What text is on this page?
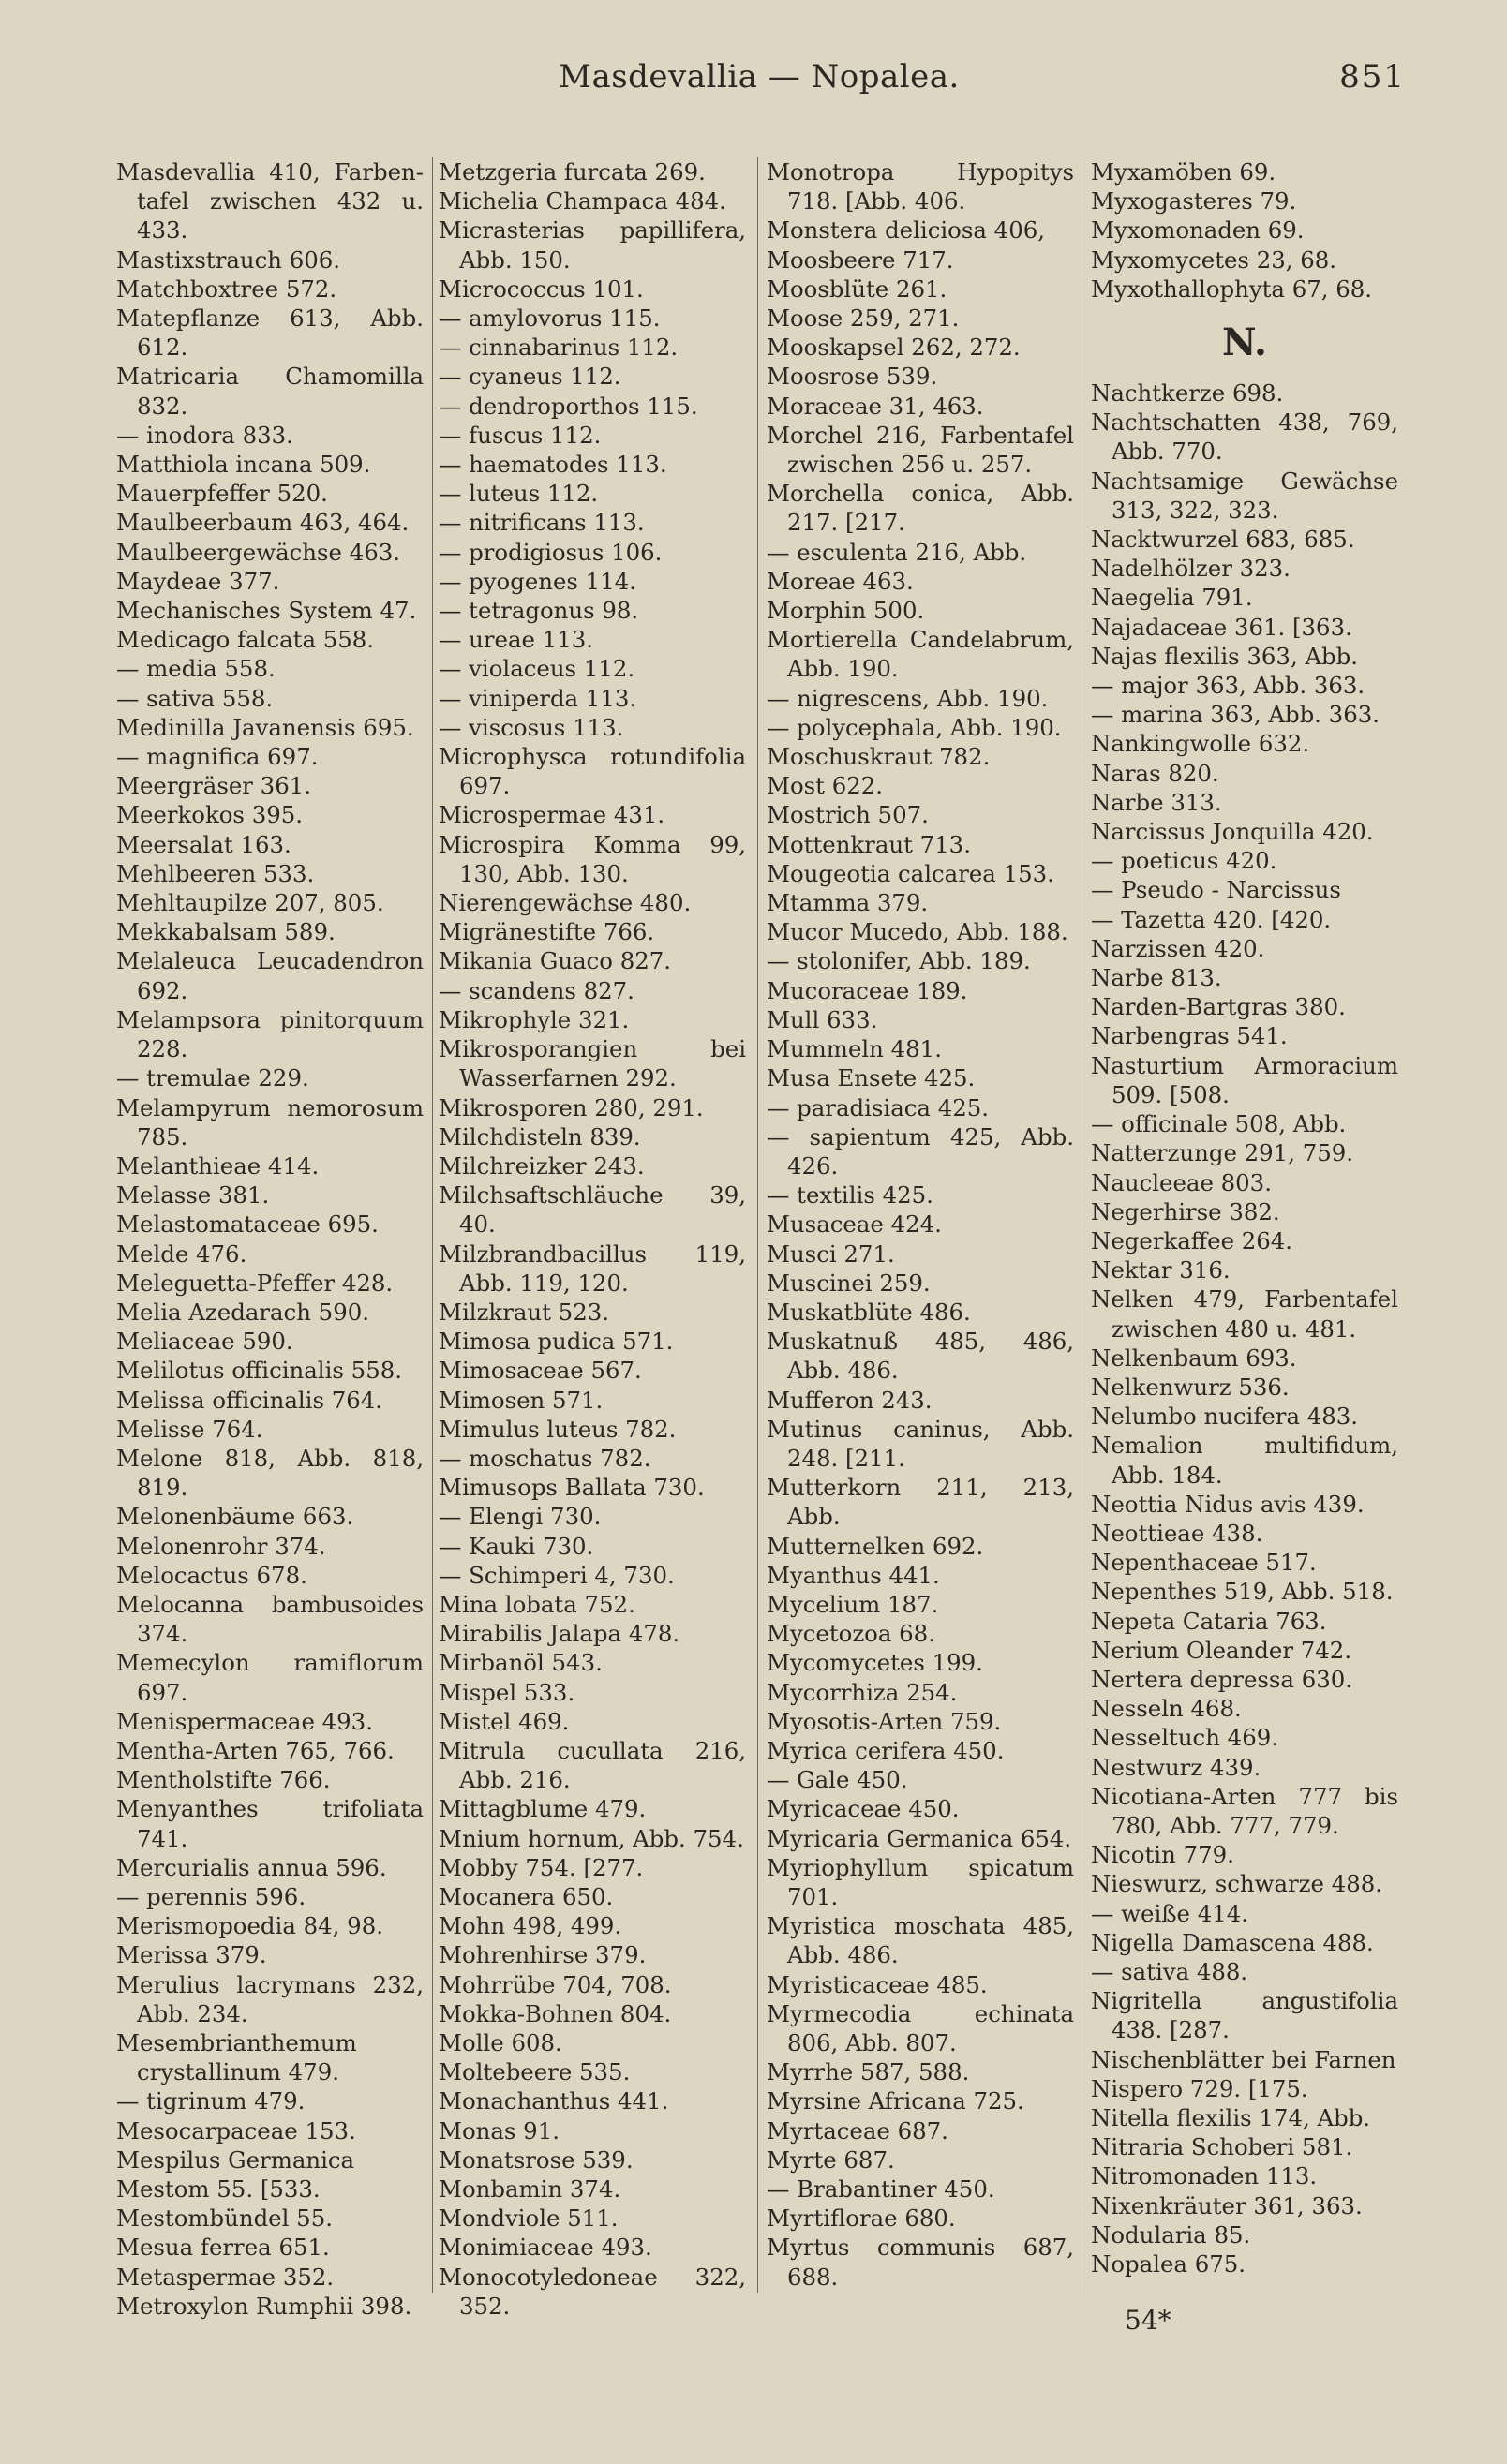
Masdevallia — Nopalea.	851
Masdevallia 410, Farbentafel zwischen 432 u. 433.
Mastixstrauch 606.
Matchboxtree 572.
Matepflanze 613, Abb. 612.
Matricaria Chamomilla 832.
— inodora 833.
Matthiola incana 509.
Mauerpfeffer 520.
Maulbeerbaum 463, 464.
Maulbeergewächse 463.
Maydeae 377.
Mechanisches System 47.
Medicago falcata 558.
— media 558.
— sativa 558.
Medinilla Javanensis 695.
— magnifica 697.
Meergräser 361.
Meerkokos 395.
Meersalat 163.
Mehlbeeren 533.
Mehltaupilze 207, 805.
Mekkabalsam 589.
Melaleuca Leucadendron 692.
Melampsora pinitorquum 228.
— tremulae 229.
Melampyrum nemorosum 785.
Melanthieae 414.
Melasse 381.
Melastomataceae 695.
Melde 476.
Meleguetta-Pfeffer 428.
Melia Azedarach 590.
Meliaceae 590.
Melilotus officinalis 558.
Melissa officinalis 764.
Melisse 764.
Melone 818, Abb. 818, 819.
Melonenbäume 663.
Melonenrohr 374.
Melocactus 678.
Melocanna bambusoides 374.
Memecylon ramiflorum 697.
Menispermaceae 493.
Mentha-Arten 765, 766.
Mentholstifte 766.
Menyanthes trifoliata 741.
Mercurialis annua 596.
— perennis 596.
Merismopoedia 84, 98.
Merissa 379.
Merulius lacrymans 232, Abb. 234.
Mesembrianthemum crystallinum 479.
— tigrinum 479.
Mesocarpaceae 153.
Mespilus Germanica
Mestom 55. [533.
Mestombündel 55.
Mesua ferrea 651.
Metaspermae 352.
Metroxylon Rumphii 398.
Metzgeria furcata 269.
Michelia Champaca 484.
Micrasterias papillifera, Abb. 150.
Micrococcus 101.
— amylovorus 115.
— cinnabarinus 112.
— cyaneus 112.
— dendroporthos 115.
— fuscus 112.
— haematodes 113.
— luteus 112.
— nitrificans 113.
— prodigiosus 106.
— pyogenes 114.
— tetragonus 98.
— ureae 113.
— violaceus 112.
— viniperda 113.
— viscosus 113.
Microphysca rotundifolia 697.
Microspermae 431.
Microspira Komma 99, 130, Abb. 130.
Nierengewächse 480.
Migränestifte 766.
Mikania Guaco 827.
— scandens 827.
Mikrophyle 321.
Mikrosporangien bei Wasserfarnen 292.
Mikrosporen 280, 291.
Milchdisteln 839.
Milchreizker 243.
Milchsaftschläuche 39, 40.
Milzbrandbacillus 119, Abb. 119, 120.
Milzkraut 523.
Mimosa pudica 571.
Mimosaceae 567.
Mimosen 571.
Mimulus luteus 782.
— moschatus 782.
Mimusops Ballata 730.
— Elengi 730.
— Kauki 730.
— Schimperi 4, 730.
Mina lobata 752.
Mirabilis Jalapa 478.
Mirbanöl 543.
Mispel 533.
Mistel 469.
Mitrula cucullata 216, Abb. 216.
Mittagblume 479.
Mnium hornum, Abb. 754.
Mobby 754. [277.
Mocanera 650.
Mohn 498, 499.
Mohrenhirse 379.
Mohrrübe 704, 708.
Mokka-Bohnen 804.
Molle 608.
Moltebeere 535.
Monachanthus 441.
Monas 91.
Monatsrose 539.
Monbamin 374.
Mondviole 511.
Monimiaceae 493.
Monocotyledoneae 322, 352.
Monotropa Hypopitys 718. [Abb. 406.
Monstera deliciosa 406,
Moosbeere 717.
Moosblüte 261.
Moose 259, 271.
Mooskapsel 262, 272.
Moosrose 539.
Moraceae 31, 463.
Morchel 216, Farbentafel zwischen 256 u. 257.
Morchella conica, Abb. 217. [217.
— esculenta 216, Abb.
Moreae 463.
Morphin 500.
Mortierella Candelabrum, Abb. 190.
— nigrescens, Abb. 190.
— polycephala, Abb. 190.
Moschuskraut 782.
Most 622.
Mostrich 507.
Mottenkraut 713.
Mougeotia calcarea 153.
Mtamma 379.
Mucor Mucedo, Abb. 188.
— stolonifer, Abb. 189.
Mucoraceae 189.
Mull 633.
Mummeln 481.
Musa Ensete 425.
— paradisiaca 425.
— sapientum 425, Abb. 426.
— textilis 425.
Musaceae 424.
Musci 271.
Muscinei 259.
Muskatblüte 486.
Muskatnuß 485, 486, Abb. 486.
Mufferon 243.
Mutinus caninus, Abb. 248. [211.
Mutterkorn 211, 213, Abb.
Mutternelken 692.
Myanthus 441.
Mycelium 187.
Mycetozoa 68.
Mycomycetes 199.
Mycorrhiza 254.
Myosotis-Arten 759.
Myrica cerifera 450.
— Gale 450.
Myricaceae 450.
Myricaria Germanica 654.
Myriophyllum spicatum 701.
Myristica moschata 485, Abb. 486.
Myristicaceae 485.
Myrmecodia echinata 806, Abb. 807.
Myrrhe 587, 588.
Myrsine Africana 725.
Myrtaceae 687.
Myrte 687.
— Brabantiner 450.
Myrtiflorae 680.
Myrtus communis 687, 688.
Myxamöben 69.
Myxogasteres 79.
Myxomonaden 69.
Myxomycetes 23, 68.
Myxothallophyta 67, 68.
N.
Nachtkerze 698.
Nachtschatten 438, 769, Abb. 770.
Nachtsamige Gewächse 313, 322, 323.
Nacktwurzel 683, 685.
Nadelhölzer 323.
Naegelia 791.
Najadaceae 361. [363.
Najas flexilis 363, Abb.
— major 363, Abb. 363.
— marina 363, Abb. 363.
Nankingwolle 632.
Naras 820.
Narbe 313.
Narcissus Jonquilla 420.
— poeticus 420.
— Pseudo - Narcissus
— Tazetta 420. [420.
Narzissen 420.
Narbe 813.
Narden-Bartgras 380.
Narbengras 541.
Nasturtium Armoracium 509. [508.
— officinale 508, Abb.
Natterzunge 291, 759.
Naucleeae 803.
Negerhirse 382.
Negerkaffee 264.
Nektar 316.
Nelken 479, Farbentafel zwischen 480 u. 481.
Nelkenbaum 693.
Nelkenwurz 536.
Nelumbo nucifera 483.
Nemalion multifidum, Abb. 184.
Neottia Nidus avis 439.
Neottieae 438.
Nepenthaceae 517.
Nepenthes 519, Abb. 518.
Nepeta Cataria 763.
Nerium Oleander 742.
Nertera depressa 630.
Nesseln 468.
Nesseltuch 469.
Nestwurz 439.
Nicotiana-Arten 777 bis 780, Abb. 777, 779.
Nicotin 779.
Nieswurz, schwarze 488.
— weiße 414.
Nigella Damascena 488.
— sativa 488.
Nigritella angustifolia 438. [287.
Nischenblätter bei Farnen
Nispero 729. [175.
Nitella flexilis 174, Abb.
Nitraria Schoberi 581.
Nitromonaden 113.
Nixenkräuter 361, 363.
Nodularia 85.
Nopalea 675.
54*
